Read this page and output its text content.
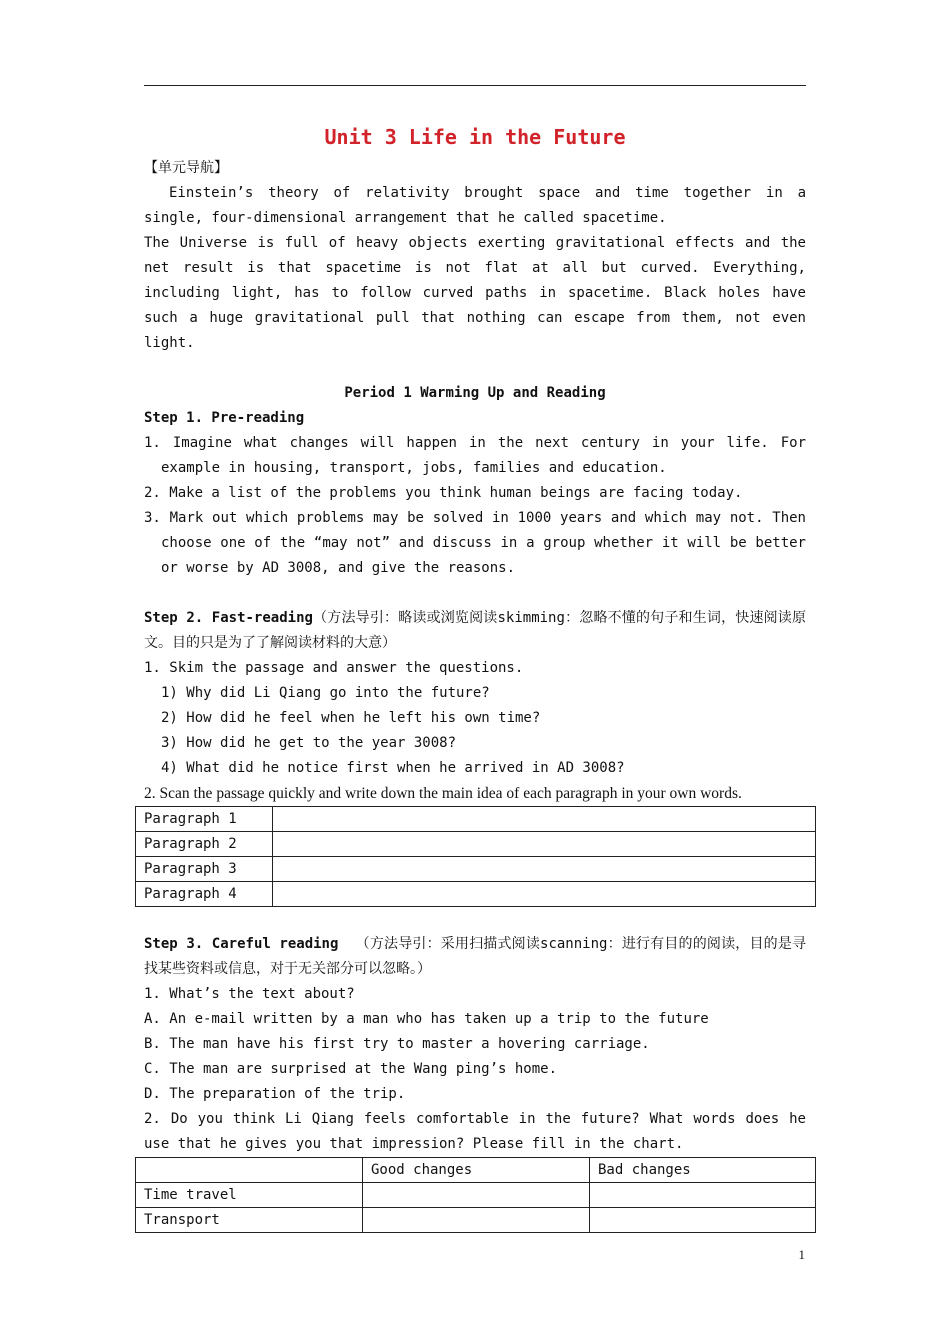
Unit 3 Life in the Future

【单元导航】

Einstein’s theory of relativity brought space and time together in a single, four-dimensional arrangement that he called spacetime.

The Universe is full of heavy objects exerting gravitational effects and the net result is that spacetime is not flat at all but curved. Everything, including light, has to follow curved paths in spacetime. Black holes have such a huge gravitational pull that nothing can escape from them, not even light.

Period 1 Warming Up and Reading

Step 1. Pre-reading

1. Imagine what changes will happen in the next century in your life. For example in housing, transport, jobs, families and education.

2. Make a list of the problems you think human beings are facing today.

3. Mark out which problems may be solved in 1000 years and which may not. Then choose one of the “may not” and discuss in a group whether it will be better or worse by AD 3008, and give the reasons.

Step 2. Fast-reading（方法导引：略读或浏览阅读skimming：忽略不懂的句子和生词，快速阅读原文。目的只是为了了解阅读材料的大意）

1. Skim the passage and answer the questions.

1) Why did Li Qiang go into the future?

2) How did he feel when he left his own time?

3) How did he get to the year 3008?

4) What did he notice first when he arrived in AD 3008?

2. Scan the passage quickly and write down the main idea of each paragraph in your own words.

Paragraph 1	
Paragraph 2	
Paragraph 3	
Paragraph 4	

Step 3. Careful reading （方法导引：采用扫描式阅读scanning：进行有目的的阅读，目的是寻找某些资料或信息，对于无关部分可以忽略。）

1. What’s the text about?

A. An e-mail written by a man who has taken up a trip to the future

B. The man have his first try to master a hovering carriage.

C. The man are surprised at the Wang ping’s home.

D. The preparation of the trip.

2. Do you think Li Qiang feels comfortable in the future? What words does he use that he gives you that impression? Please fill in the chart.

	Good changes	Bad changes
Time travel		
Transport		
1
